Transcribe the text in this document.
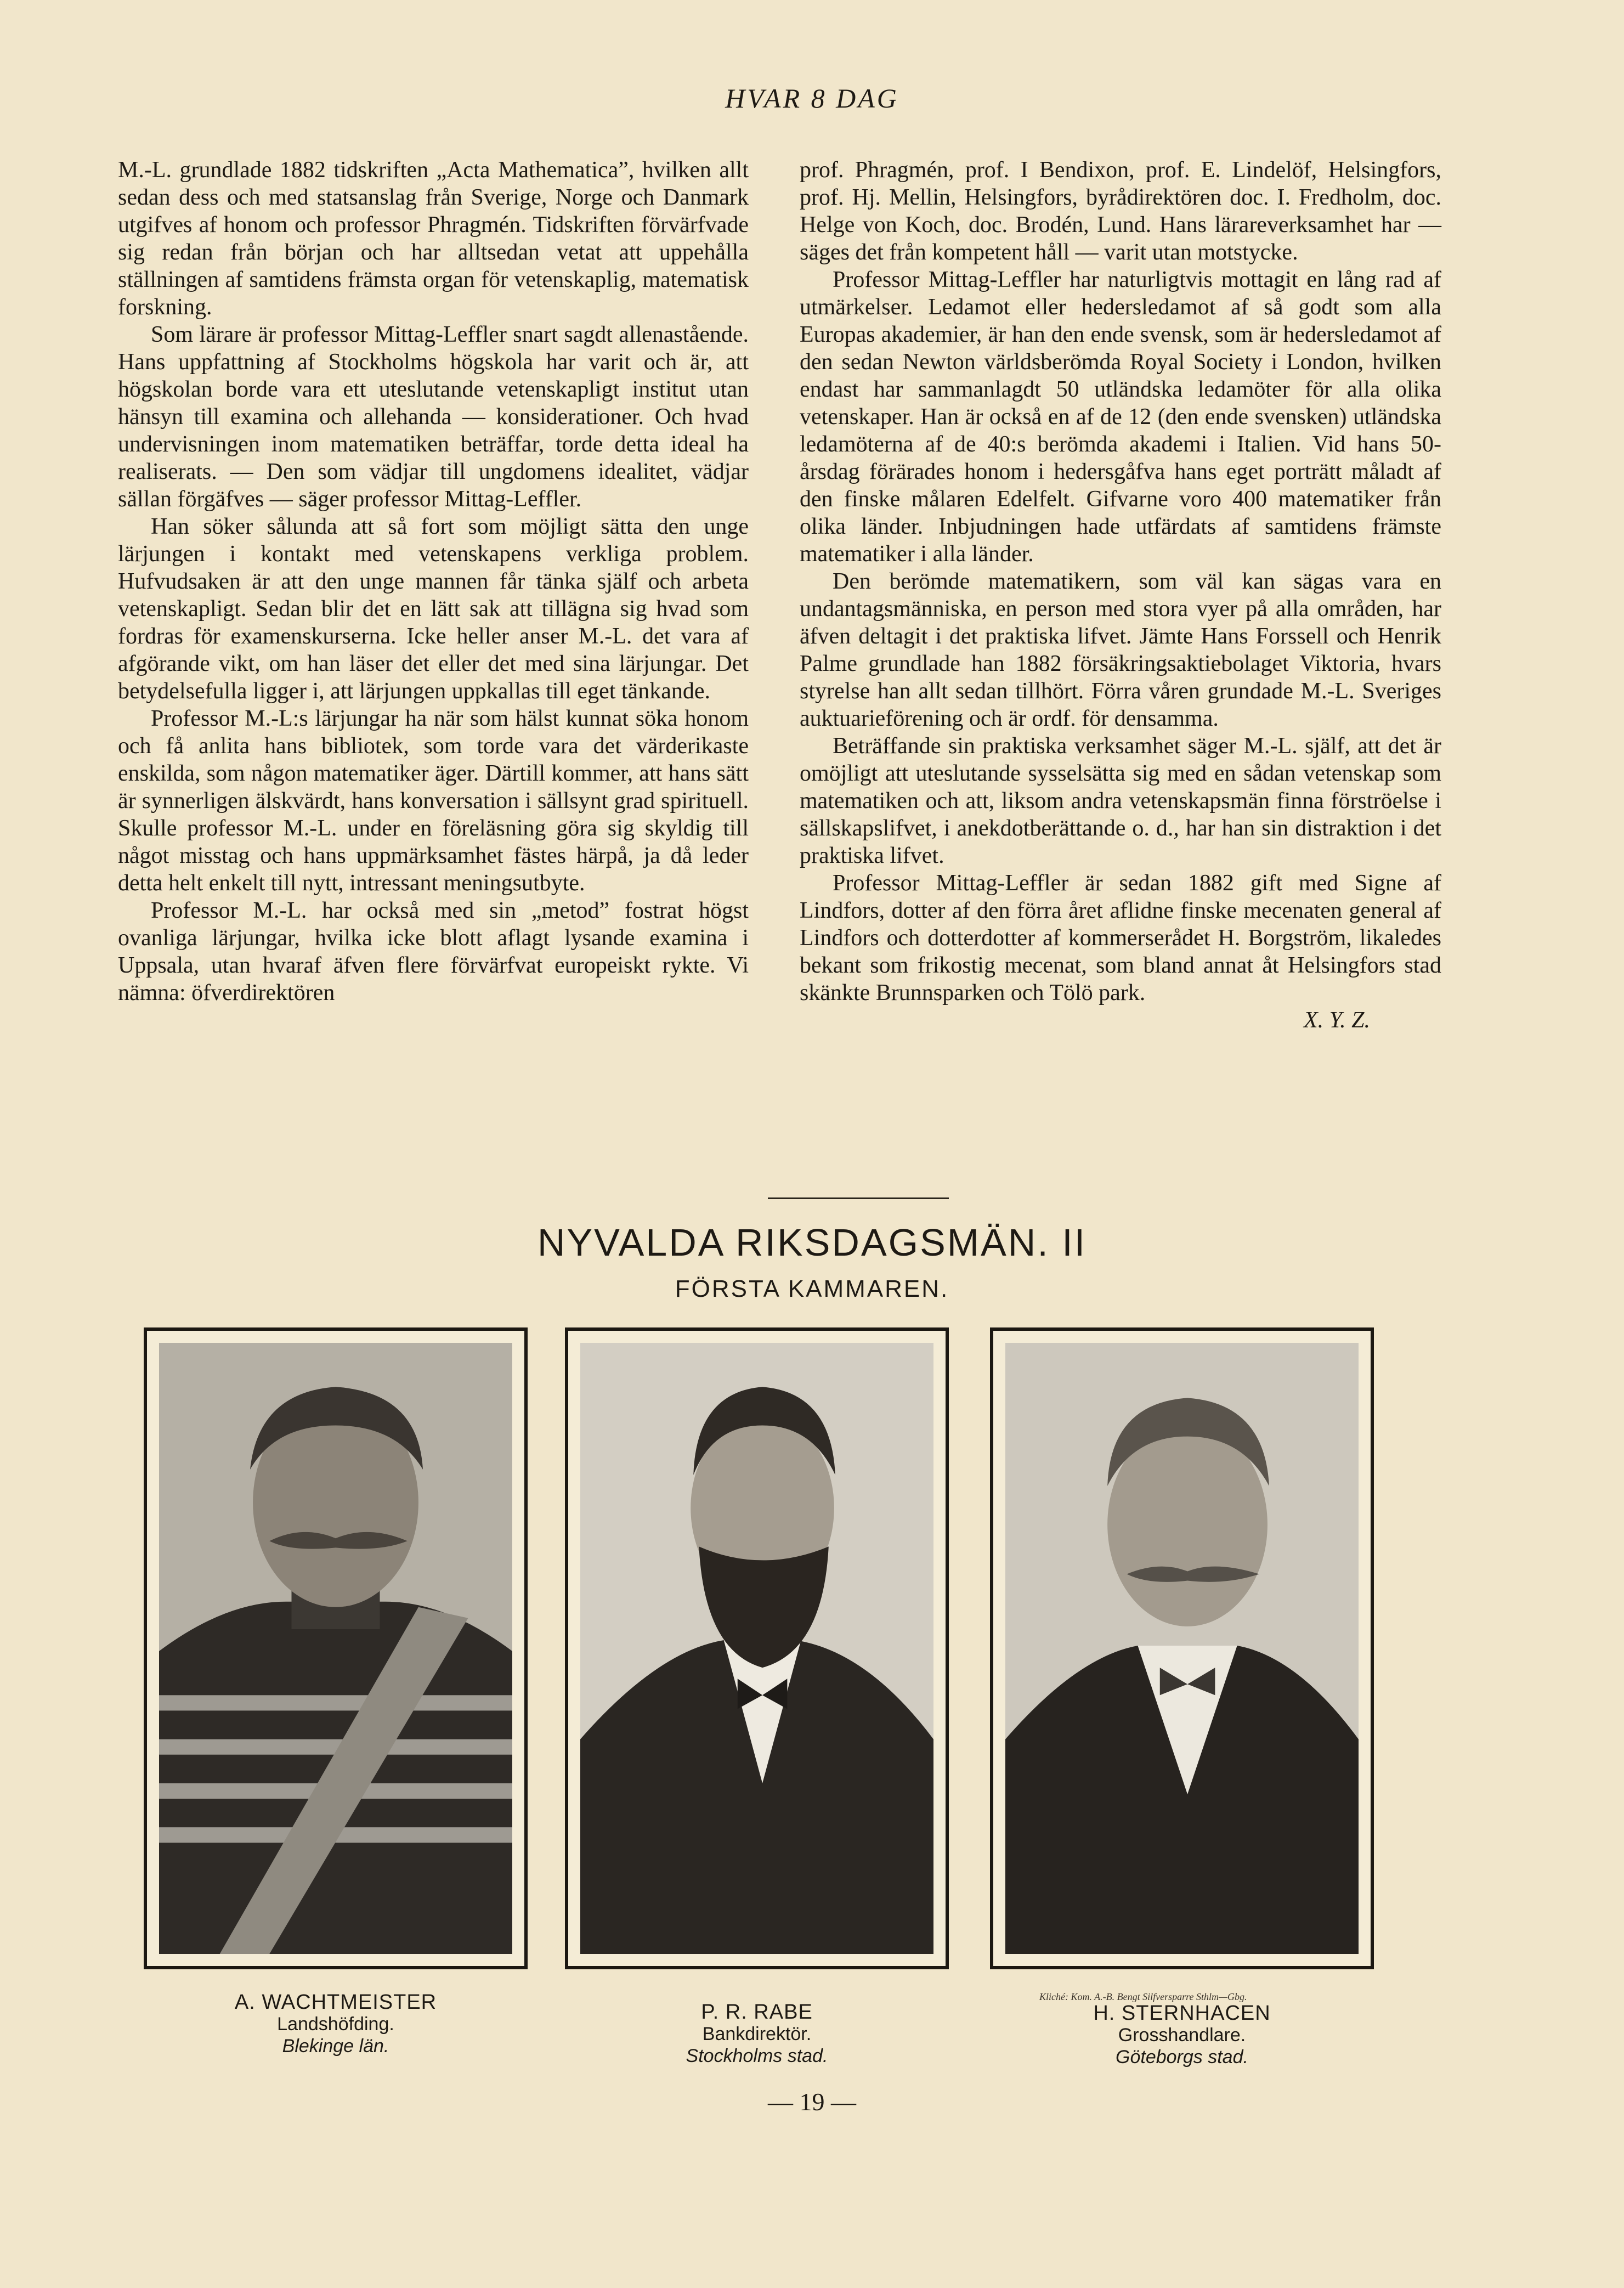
HVAR 8 DAG

M.-L. grundlade 1882 tidskriften „Acta Mathematica”, hvilken allt sedan dess och med statsanslag från Sverige, Norge och Danmark utgifves af honom och professor Phragmén. Tidskriften förvärfvade sig redan från början och har alltsedan vetat att uppehålla ställningen af samtidens främsta organ för vetenskaplig, matematisk forskning.

Som lärare är professor Mittag-Leffler snart sagdt allenastående. Hans uppfattning af Stockholms högskola har varit och är, att högskolan borde vara ett uteslutande vetenskapligt institut utan hänsyn till examina och allehanda — konsiderationer. Och hvad undervisningen inom matematiken beträffar, torde detta ideal ha realiserats. — Den som vädjar till ungdomens idealitet, vädjar sällan förgäfves — säger professor Mittag-Leffler.

Han söker sålunda att så fort som möjligt sätta den unge lärjungen i kontakt med vetenskapens verkliga problem. Hufvudsaken är att den unge mannen får tänka själf och arbeta vetenskapligt. Sedan blir det en lätt sak att tillägna sig hvad som fordras för examenskurserna. Icke heller anser M.-L. det vara af afgörande vikt, om han läser det eller det med sina lärjungar. Det betydelsefulla ligger i, att lärjungen uppkallas till eget tänkande.

Professor M.-L:s lärjungar ha när som hälst kunnat söka honom och få anlita hans bibliotek, som torde vara det värderikaste enskilda, som någon matematiker äger. Därtill kommer, att hans sätt är synnerligen älskvärdt, hans konversation i sällsynt grad spirituell. Skulle professor M.-L. under en föreläsning göra sig skyldig till något misstag och hans uppmärksamhet fästes härpå, ja då leder detta helt enkelt till nytt, intressant meningsutbyte.

Professor M.-L. har också med sin „metod” fostrat högst ovanliga lärjungar, hvilka icke blott aflagt lysande examina i Uppsala, utan hvaraf äfven flere förvärfvat europeiskt rykte. Vi nämna: öfverdirektören

prof. Phragmén, prof. I Bendixon, prof. E. Lindelöf, Helsingfors, prof. Hj. Mellin, Helsingfors, byrådirektören doc. I. Fredholm, doc. Helge von Koch, doc. Brodén, Lund. Hans lärareverksamhet har — säges det från kompetent håll — varit utan motstycke.

Professor Mittag-Leffler har naturligtvis mottagit en lång rad af utmärkelser. Ledamot eller hedersledamot af så godt som alla Europas akademier, är han den ende svensk, som är hedersledamot af den sedan Newton världsberömda Royal Society i London, hvilken endast har sammanlagdt 50 utländska ledamöter för alla olika vetenskaper. Han är också en af de 12 (den ende svensken) utländska ledamöterna af de 40:s berömda akademi i Italien. Vid hans 50-årsdag förärades honom i hedersgåfva hans eget porträtt måladt af den finske målaren Edelfelt. Gifvarne voro 400 matematiker från olika länder. Inbjudningen hade utfärdats af samtidens främste matematiker i alla länder.

Den berömde matematikern, som väl kan sägas vara en undantagsmänniska, en person med stora vyer på alla områden, har äfven deltagit i det praktiska lifvet. Jämte Hans Forssell och Henrik Palme grundlade han 1882 försäkringsaktiebolaget Viktoria, hvars styrelse han allt sedan tillhört. Förra våren grundade M.-L. Sveriges auktuarieförening och är ordf. för densamma.

Beträffande sin praktiska verksamhet säger M.-L. själf, att det är omöjligt att uteslutande sysselsätta sig med en sådan vetenskap som matematiken och att, liksom andra vetenskapsmän finna förströelse i sällskapslifvet, i anekdotberättande o. d., har han sin distraktion i det praktiska lifvet.

Professor Mittag-Leffler är sedan 1882 gift med Signe af Lindfors, dotter af den förra året aflidne finske mecenaten general af Lindfors och dotterdotter af kommerserådet H. Borgström, likaledes bekant som frikostig mecenat, som bland annat åt Helsingfors stad skänkte Brunnsparken och Tölö park.

X. Y. Z.

NYVALDA RIKSDAGSMÄN. II
FÖRSTA KAMMAREN.
A. WACHTMEISTER
Landshöfding.
Blekinge län.
P. R. RABE
Bankdirektör.
Stockholms stad.
Kliché: Kom. A.-B. Bengt Silfversparre Sthlm—Gbg.
H. STERNHACEN
Grosshandlare.
Göteborgs stad.
— 19 —
